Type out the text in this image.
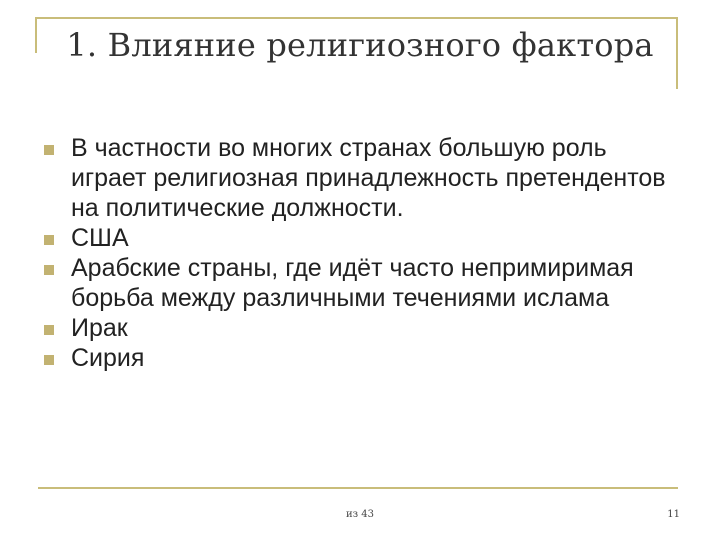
1. Влияние религиозного фактора
В частности во многих странах большую роль играет религиозная принадлежность претендентов на политические должности.
США
Арабские страны, где идёт часто непримиримая борьба между различными течениями ислама
Ирак
Сирия
из 43	11
